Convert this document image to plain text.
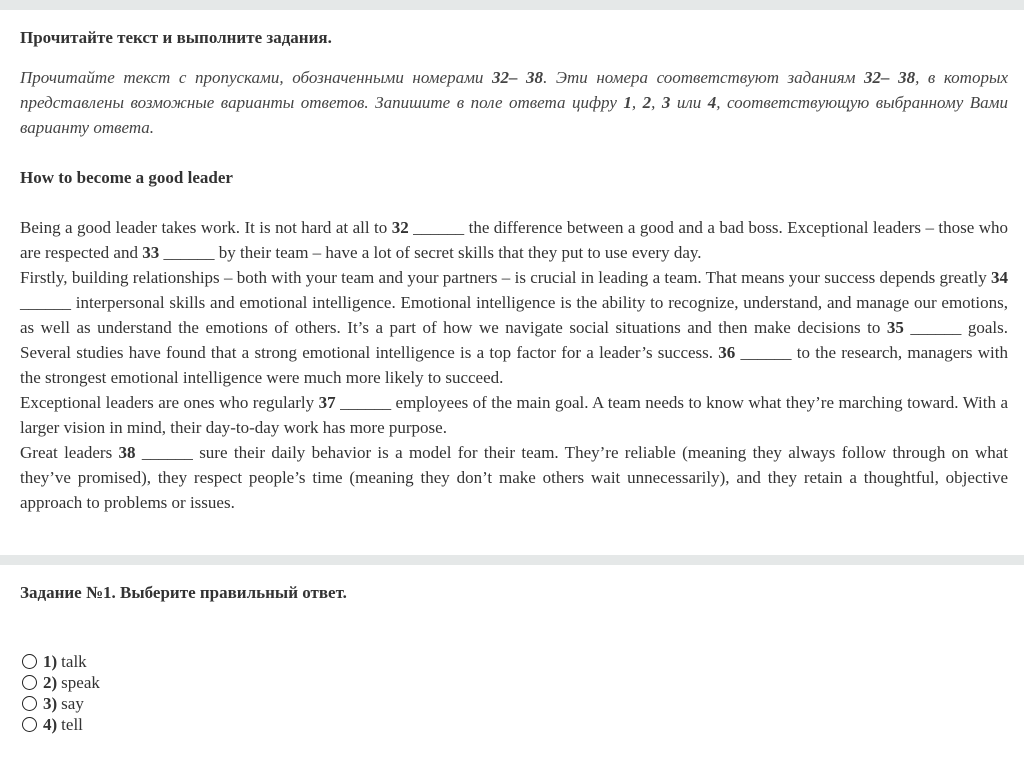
Прочитайте текст и выполните задания.
Прочитайте текст с пропусками, обозначенными номерами 32– 38. Эти номера соответствуют заданиям 32– 38, в которых представлены возможные варианты ответов. Запишите в поле ответа цифру 1, 2, 3 или 4, соответствующую выбранному Вами варианту ответа.
How to become a good leader

Being a good leader takes work. It is not hard at all to 32 ______ the difference between a good and a bad boss. Exceptional leaders – those who are respected and 33 ______ by their team – have a lot of secret skills that they put to use every day.

Firstly, building relationships – both with your team and your partners – is crucial in leading a team. That means your success depends greatly 34 ______ interpersonal skills and emotional intelligence. Emotional intelligence is the ability to recognize, understand, and manage our emotions, as well as understand the emotions of others. It’s a part of how we navigate social situations and then make decisions to 35 ______ goals. Several studies have found that a strong emotional intelligence is a top factor for a leader’s success. 36 ______ to the research, managers with the strongest emotional intelligence were much more likely to succeed.

Exceptional leaders are ones who regularly 37 ______ employees of the main goal. A team needs to know what they’re marching toward. With a larger vision in mind, their day-to-day work has more purpose.

Great leaders 38 ______ sure their daily behavior is a model for their team. They’re reliable (meaning they always follow through on what they’ve promised), they respect people’s time (meaning they don’t make others wait unnecessarily), and they retain a thoughtful, objective approach to problems or issues.

Задание №1. Выберите правильный ответ.
1) talk
2) speak
3) say
4) tell
